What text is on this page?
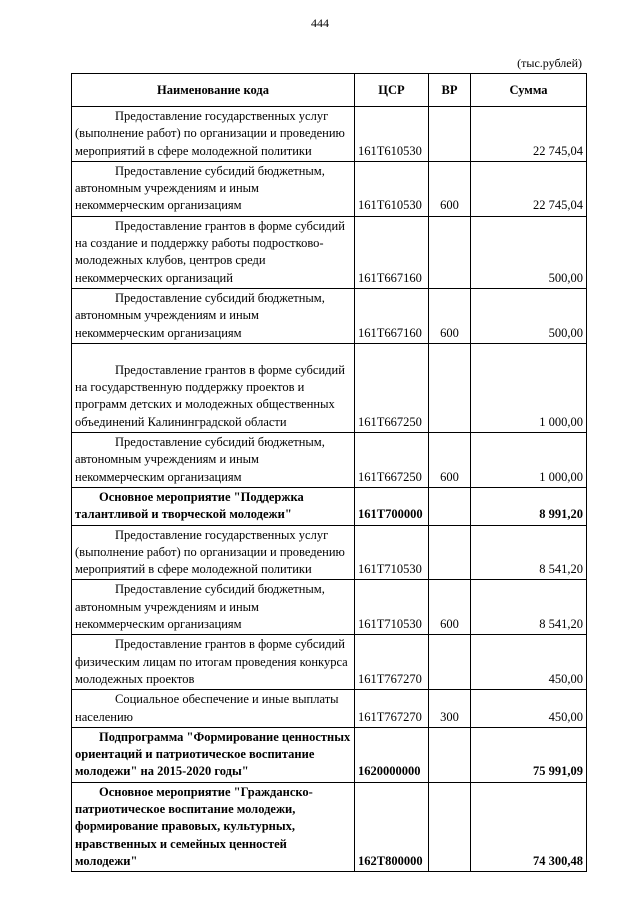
444
(тыс.рублей)
Наименование кода	ЦСР	ВР	Сумма
Предоставление государственных услуг (выполнение работ) по организации и проведению мероприятий в сфере молодежной политики	161Т610530		22 745,04
Предоставление субсидий бюджетным, автономным учреждениям и иным некоммерческим организациям	161Т610530	600	22 745,04
Предоставление грантов в форме субсидий на создание и поддержку работы подростково-молодежных клубов, центров среди некоммерческих организаций	161Т667160		500,00
Предоставление субсидий бюджетным, автономным учреждениям и иным некоммерческим организациям	161Т667160	600	500,00
Предоставление грантов в форме субсидий на государственную поддержку проектов и программ детских и молодежных общественных объединений Калининградской области	161Т667250		1 000,00
Предоставление субсидий бюджетным, автономным учреждениям и иным некоммерческим организациям	161Т667250	600	1 000,00
Основное мероприятие "Поддержка талантливой и творческой молодежи"	161Т700000		8 991,20
Предоставление государственных услуг (выполнение работ) по организации и проведению мероприятий в сфере молодежной политики	161Т710530		8 541,20
Предоставление субсидий бюджетным, автономным учреждениям и иным некоммерческим организациям	161Т710530	600	8 541,20
Предоставление грантов в форме субсидий физическим лицам по итогам проведения конкурса молодежных проектов	161Т767270		450,00
Социальное обеспечение и иные выплаты населению	161Т767270	300	450,00
Подпрограмма "Формирование ценностных ориентаций и патриотическое воспитание молодежи" на 2015-2020 годы"	1620000000		75 991,09
Основное мероприятие "Гражданско-патриотическое воспитание молодежи, формирование правовых, культурных, нравственных и семейных ценностей молодежи"	162Т800000		74 300,48
